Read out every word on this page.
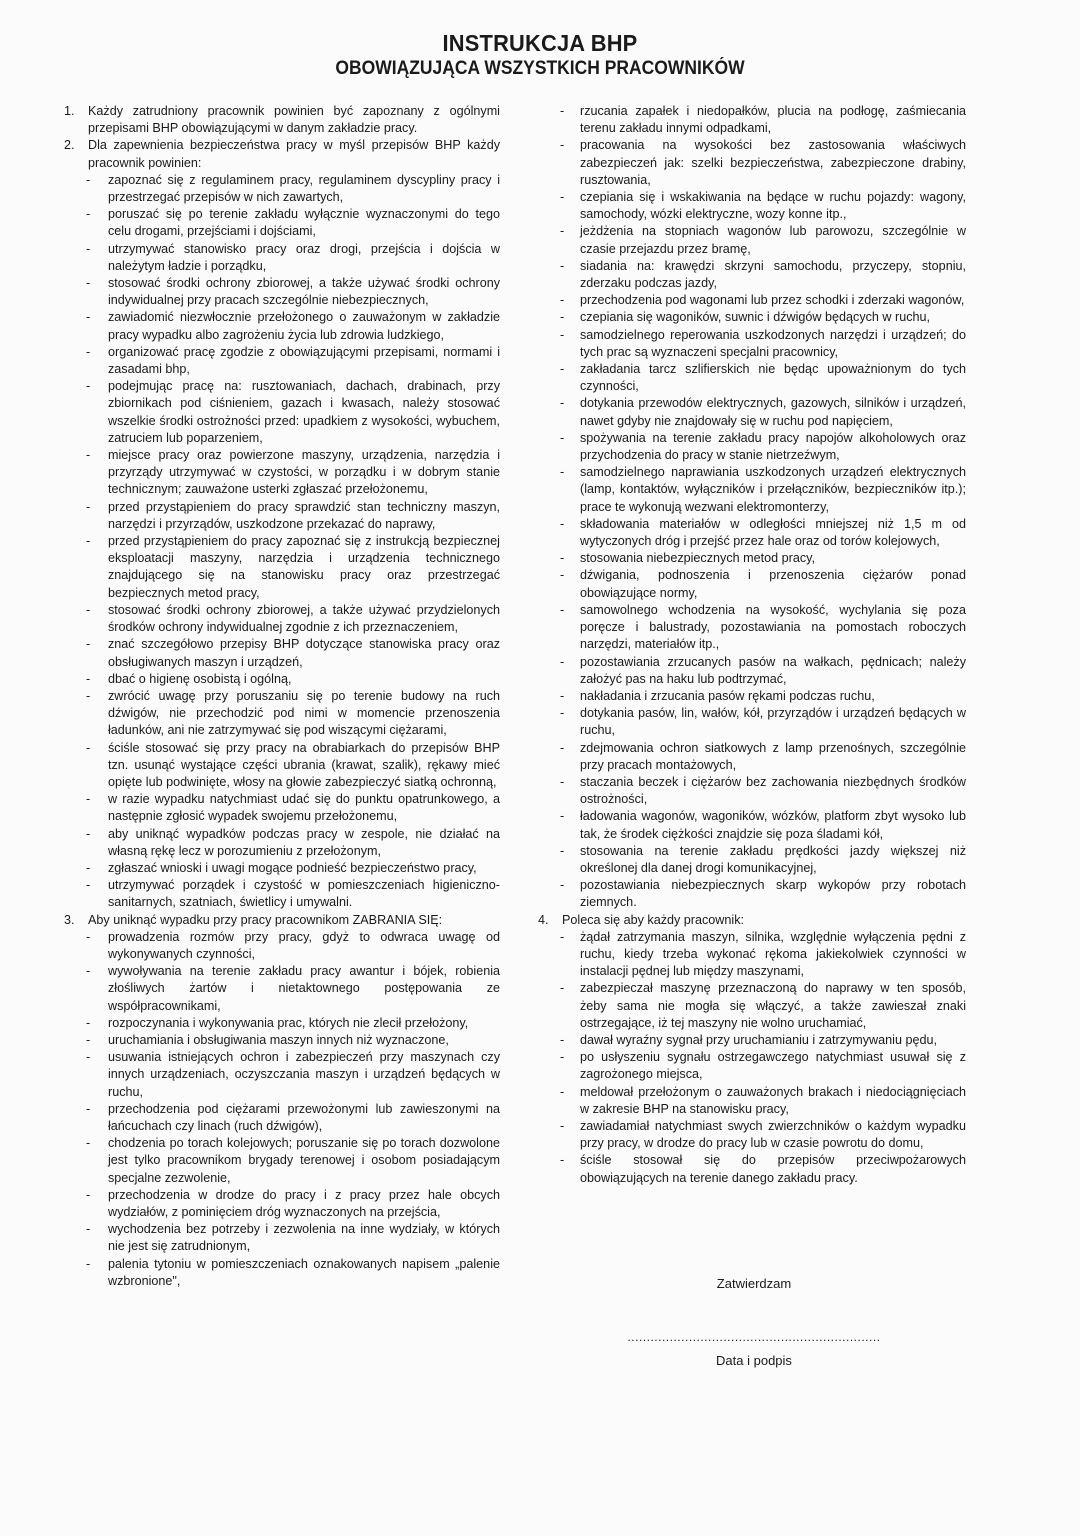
INSTRUKCJA BHP
OBOWIĄZUJĄCA WSZYSTKICH PRACOWNIKÓW
1. Każdy zatrudniony pracownik powinien być zapoznany z ogólnymi przepisami BHP obowiązującymi w danym zakładzie pracy.
2. Dla zapewnienia bezpieczeństwa pracy w myśl przepisów BHP każdy pracownik powinien:
- zapoznać się z regulaminem pracy, regulaminem dyscypliny pracy i przestrzegać przepisów w nich zawartych,
- poruszać się po terenie zakładu wyłącznie wyznaczonymi do tego celu drogami, przejściami i dojściami,
- utrzymywać stanowisko pracy oraz drogi, przejścia i dojścia w należytym ładzie i porządku,
- stosować środki ochrony zbiorowej, a także używać środki ochrony indywidualnej przy pracach szczególnie niebezpiecznych,
- zawiadomić niezwłocznie przełożonego o zauważonym w zakładzie pracy wypadku albo zagrożeniu życia lub zdrowia ludzkiego,
- organizować pracę zgodzie z obowiązującymi przepisami, normami i zasadami bhp,
- podejmując pracę na: rusztowaniach, dachach, drabinach, przy zbiornikach pod ciśnieniem, gazach i kwasach, należy stosować wszelkie środki ostrożności przed: upadkiem z wysokości, wybuchem, zatruciem lub poparzeniem,
- miejsce pracy oraz powierzone maszyny, urządzenia, narzędzia i przyrządy utrzymywać w czystości, w porządku i w dobrym stanie technicznym; zauważone usterki zgłaszać przełożonemu,
- przed przystąpieniem do pracy sprawdzić stan techniczny maszyn, narzędzi i przyrządów, uszkodzone przekazać do naprawy,
- przed przystąpieniem do pracy zapoznać się z instrukcją bezpiecznej eksploatacji maszyny, narzędzia i urządzenia technicznego znajdującego się na stanowisku pracy oraz przestrzegać bezpiecznych metod pracy,
- stosować środki ochrony zbiorowej, a także używać przydzielonych środków ochrony indywidualnej zgodnie z ich przeznaczeniem,
- znać szczegółowo przepisy BHP dotyczące stanowiska pracy oraz obsługiwanych maszyn i urządzeń,
- dbać o higienę osobistą i ogólną,
- zwrócić uwagę przy poruszaniu się po terenie budowy na ruch dźwigów, nie przechodzić pod nimi w momencie przenoszenia ładunków, ani nie zatrzymywać się pod wiszącymi ciężarami,
- ściśle stosować się przy pracy na obrabiarkach do przepisów BHP tzn. usunąć wystające części ubrania (krawat, szalik), rękawy mieć opięte lub podwinięte, włosy na głowie zabezpieczyć siatką ochronną,
- w razie wypadku natychmiast udać się do punktu opatrunkowego, a następnie zgłosić wypadek swojemu przełożonemu,
- aby uniknąć wypadków podczas pracy w zespole, nie działać na własną rękę lecz w porozumieniu z przełożonym,
- zgłaszać wnioski i uwagi mogące podnieść bezpieczeństwo pracy,
- utrzymywać porządek i czystość w pomieszczeniach higieniczno-sanitarnych, szatniach, świetlicy i umywalni.
3. Aby uniknąć wypadku przy pracy pracownikom ZABRANIA SIĘ:
- prowadzenia rozmów przy pracy, gdyż to odwraca uwagę od wykonywanych czynności,
- wywoływania na terenie zakładu pracy awantur i bójek, robienia złośliwych żartów i nietaktownego postępowania ze współpracownikami,
- rozpoczynania i wykonywania prac, których nie zlecił przełożony,
- uruchamiania i obsługiwania maszyn innych niż wyznaczone,
- usuwania istniejących ochron i zabezpieczeń przy maszynach czy innych urządzeniach, oczyszczania maszyn i urządzeń będących w ruchu,
- przechodzenia pod ciężarami przewożonymi lub zawieszonymi na łańcuchach czy linach (ruch dźwigów),
- chodzenia po torach kolejowych; poruszanie się po torach dozwolone jest tylko pracownikom brygady terenowej i osobom posiadającym specjalne zezwolenie,
- przechodzenia w drodze do pracy i z pracy przez hale obcych wydziałów, z pominięciem dróg wyznaczonych na przejścia,
- wychodzenia bez potrzeby i zezwolenia na inne wydziały, w których nie jest się zatrudnionym,
- palenia tytoniu w pomieszczeniach oznakowanych napisem „palenie wzbronione",
- rzucania zapałek i niedopałków, plucia na podłogę, zaśmiecania terenu zakładu innymi odpadkami,
- pracowania na wysokości bez zastosowania właściwych zabezpieczeń jak: szelki bezpieczeństwa, zabezpieczone drabiny, rusztowania,
- czepiania się i wskakiwania na będące w ruchu pojazdy: wagony, samochody, wózki elektryczne, wozy konne itp.,
- jeżdżenia na stopniach wagonów lub parowozu, szczególnie w czasie przejazdu przez bramę,
- siadania na: krawędzi skrzyni samochodu, przyczepy, stopniu, zderzaku podczas jazdy,
- przechodzenia pod wagonami lub przez schodki i zderzaki wagonów,
- czepiania się wagoników, suwnic i dźwigów będących w ruchu,
- samodzielnego reperowania uszkodzonych narzędzi i urządzeń; do tych prac są wyznaczeni specjalni pracownicy,
- zakładania tarcz szlifierskich nie będąc upoważnionym do tych czynności,
- dotykania przewodów elektrycznych, gazowych, silników i urządzeń, nawet gdyby nie znajdowały się w ruchu pod napięciem,
- spożywania na terenie zakładu pracy napojów alkoholowych oraz przychodzenia do pracy w stanie nietrzeźwym,
- samodzielnego naprawiania uszkodzonych urządzeń elektrycznych (lamp, kontaktów, wyłączników i przełączników, bezpieczników itp.); prace te wykonują wezwani elektromonterzy,
- składowania materiałów w odległości mniejszej niż 1,5 m od wytyczonych dróg i przejść przez hale oraz od torów kolejowych,
- stosowania niebezpiecznych metod pracy,
- dźwigania, podnoszenia i przenoszenia ciężarów ponad obowiązujące normy,
- samowolnego wchodzenia na wysokość, wychylania się poza poręcze i balustrady, pozostawiania na pomostach roboczych narzędzi, materiałów itp.,
- pozostawiania zrzucanych pasów na wałkach, pędnicach; należy założyć pas na haku lub podtrzymać,
- nakładania i zrzucania pasów rękami podczas ruchu,
- dotykania pasów, lin, wałów, kół, przyrządów i urządzeń będących w ruchu,
- zdejmowania ochron siatkowych z lamp przenośnych, szczególnie przy pracach montażowych,
- staczania beczek i ciężarów bez zachowania niezbędnych środków ostrożności,
- ładowania wagonów, wagoników, wózków, platform zbyt wysoko lub tak, że środek ciężkości znajdzie się poza śladami kół,
- stosowania na terenie zakładu prędkości jazdy większej niż określonej dla danej drogi komunikacyjnej,
- pozostawiania niebezpiecznych skarp wykopów przy robotach ziemnych.
4. Poleca się aby każdy pracownik:
- żądał zatrzymania maszyn, silnika, względnie wyłączenia pędni z ruchu, kiedy trzeba wykonać rękoma jakiekolwiek czynności w instalacji pędnej lub między maszynami,
- zabezpieczał maszynę przeznaczoną do naprawy w ten sposób, żeby sama nie mogła się włączyć, a także zawieszał znaki ostrzegające, iż tej maszyny nie wolno uruchamiać,
- dawał wyraźny sygnał przy uruchamianiu i zatrzymywaniu pędu,
- po usłyszeniu sygnału ostrzegawczego natychmiast usuwał się z zagrożonego miejsca,
- meldował przełożonym o zauważonych brakach i niedociągnięciach w zakresie BHP na stanowisku pracy,
- zawiadamiał natychmiast swych zwierzchników o każdym wypadku przy pracy, w drodze do pracy lub w czasie powrotu do domu,
- ściśle stosował się do przepisów przeciwpożarowych obowiązujących na terenie danego zakładu pracy.
Zatwierdzam
..................................................................
Data i podpis
